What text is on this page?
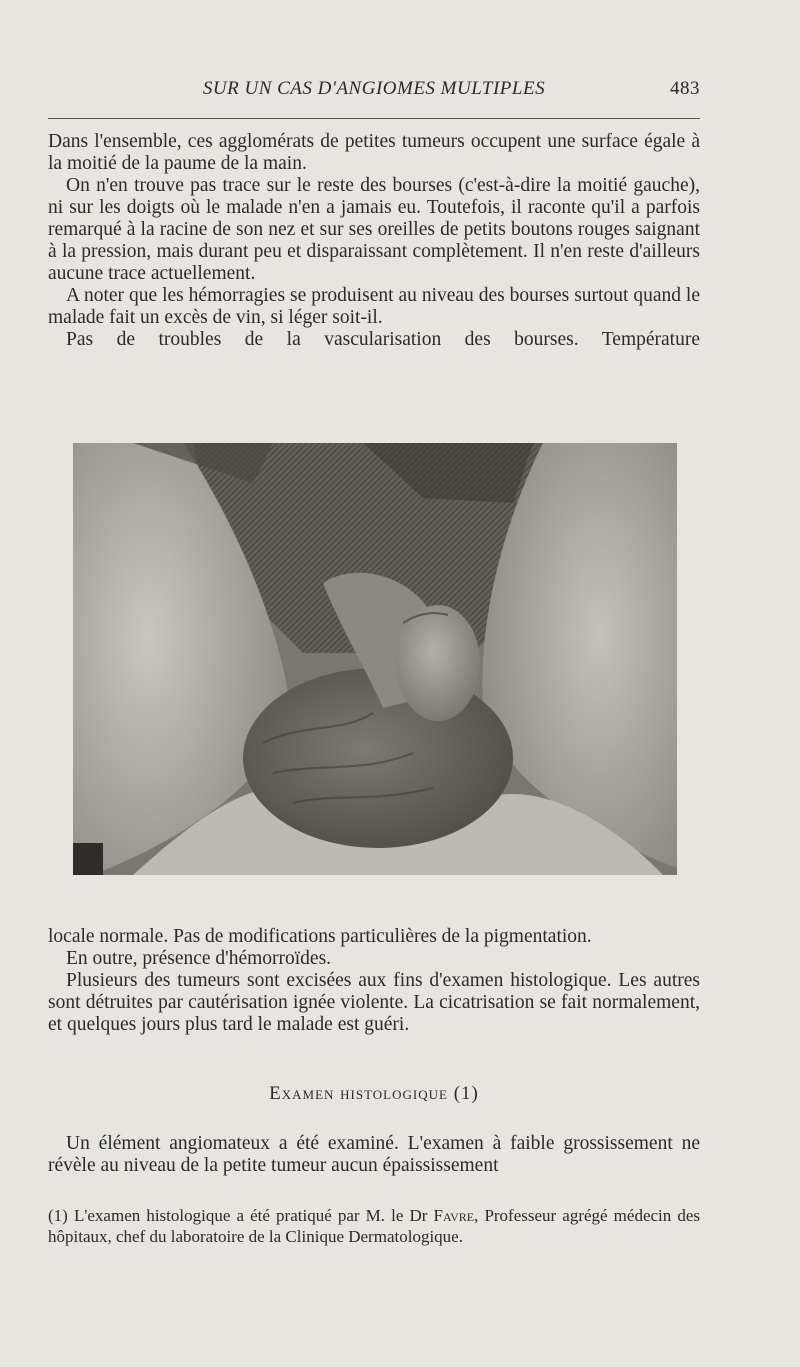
SUR UN CAS D'ANGIOMES MULTIPLES	483

Dans l'ensemble, ces agglomérats de petites tumeurs occupent une surface égale à la moitié de la paume de la main.

On n'en trouve pas trace sur le reste des bourses (c'est-à-dire la moitié gauche), ni sur les doigts où le malade n'en a jamais eu. Toutefois, il raconte qu'il a parfois remarqué à la racine de son nez et sur ses oreilles de petits boutons rouges saignant à la pression, mais durant peu et disparaissant complètement. Il n'en reste d'ailleurs aucune trace actuellement.

A noter que les hémorragies se produisent au niveau des bourses surtout quand le malade fait un excès de vin, si léger soit-il.

Pas de troubles de la vascularisation des bourses. Température

locale normale. Pas de modifications particulières de la pigmentation.

En outre, présence d'hémorroïdes.

Plusieurs des tumeurs sont excisées aux fins d'examen histologique. Les autres sont détruites par cautérisation ignée violente. La cicatrisation se fait normalement, et quelques jours plus tard le malade est guéri.

Examen histologique (1)

Un élément angiomateux a été examiné. L'examen à faible grossissement ne révèle au niveau de la petite tumeur aucun épaississement

(1) L'examen histologique a été pratiqué par M. le Dr Favre, Professeur agrégé médecin des hôpitaux, chef du laboratoire de la Clinique Dermatologique.
